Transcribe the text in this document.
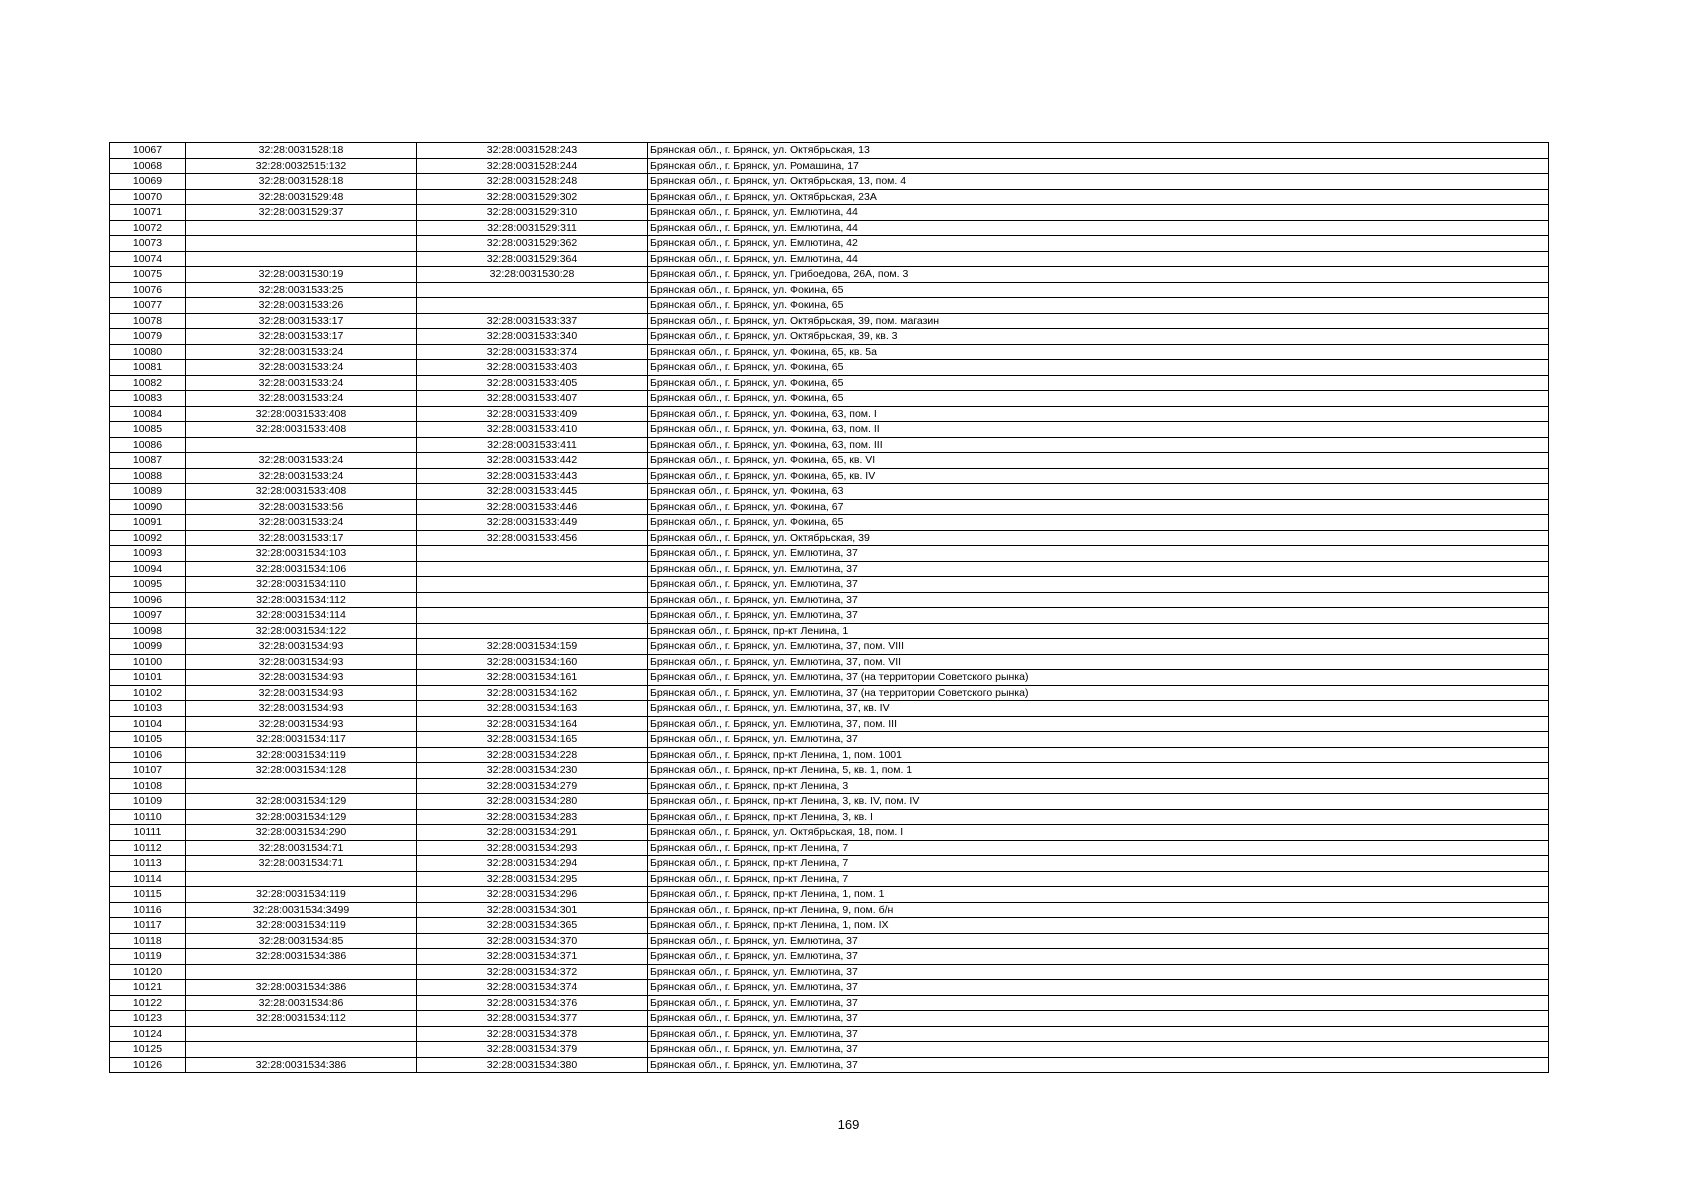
10067	32:28:0031528:18	32:28:0031528:243	Брянская обл., г. Брянск, ул. Октябрьская, 13
10068	32:28:0032515:132	32:28:0031528:244	Брянская обл., г. Брянск, ул. Ромашина, 17
10069	32:28:0031528:18	32:28:0031528:248	Брянская обл., г. Брянск, ул. Октябрьская, 13, пом. 4
10070	32:28:0031529:48	32:28:0031529:302	Брянская обл., г. Брянск, ул. Октябрьская, 23А
10071	32:28:0031529:37	32:28:0031529:310	Брянская обл., г. Брянск, ул. Емлютина, 44
10072		32:28:0031529:311	Брянская обл., г. Брянск, ул. Емлютина, 44
10073		32:28:0031529:362	Брянская обл., г. Брянск, ул. Емлютина, 42
10074		32:28:0031529:364	Брянская обл., г. Брянск, ул. Емлютина, 44
10075	32:28:0031530:19	32:28:0031530:28	Брянская обл., г. Брянск, ул. Грибоедова, 26А, пом. 3
10076	32:28:0031533:25		Брянская обл., г. Брянск, ул. Фокина, 65
10077	32:28:0031533:26		Брянская обл., г. Брянск, ул. Фокина, 65
10078	32:28:0031533:17	32:28:0031533:337	Брянская обл., г. Брянск, ул. Октябрьская, 39, пом. магазин
10079	32:28:0031533:17	32:28:0031533:340	Брянская обл., г. Брянск, ул. Октябрьская, 39, кв. 3
10080	32:28:0031533:24	32:28:0031533:374	Брянская обл., г. Брянск, ул. Фокина, 65, кв. 5а
10081	32:28:0031533:24	32:28:0031533:403	Брянская обл., г. Брянск, ул. Фокина, 65
10082	32:28:0031533:24	32:28:0031533:405	Брянская обл., г. Брянск, ул. Фокина, 65
10083	32:28:0031533:24	32:28:0031533:407	Брянская обл., г. Брянск, ул. Фокина, 65
10084	32:28:0031533:408	32:28:0031533:409	Брянская обл., г. Брянск, ул. Фокина, 63, пом. I
10085	32:28:0031533:408	32:28:0031533:410	Брянская обл., г. Брянск, ул. Фокина, 63, пом. II
10086		32:28:0031533:411	Брянская обл., г. Брянск, ул. Фокина, 63, пом. III
10087	32:28:0031533:24	32:28:0031533:442	Брянская обл., г. Брянск, ул. Фокина, 65, кв. VI
10088	32:28:0031533:24	32:28:0031533:443	Брянская обл., г. Брянск, ул. Фокина, 65, кв. IV
10089	32:28:0031533:408	32:28:0031533:445	Брянская обл., г. Брянск, ул. Фокина, 63
10090	32:28:0031533:56	32:28:0031533:446	Брянская обл., г. Брянск, ул. Фокина, 67
10091	32:28:0031533:24	32:28:0031533:449	Брянская обл., г. Брянск, ул. Фокина, 65
10092	32:28:0031533:17	32:28:0031533:456	Брянская обл., г. Брянск, ул. Октябрьская, 39
10093	32:28:0031534:103		Брянская обл., г. Брянск, ул. Емлютина, 37
10094	32:28:0031534:106		Брянская обл., г. Брянск, ул. Емлютина, 37
10095	32:28:0031534:110		Брянская обл., г. Брянск, ул. Емлютина, 37
10096	32:28:0031534:112		Брянская обл., г. Брянск, ул. Емлютина, 37
10097	32:28:0031534:114		Брянская обл., г. Брянск, ул. Емлютина, 37
10098	32:28:0031534:122		Брянская обл., г. Брянск, пр-кт Ленина, 1
10099	32:28:0031534:93	32:28:0031534:159	Брянская обл., г. Брянск, ул. Емлютина, 37, пом. VIII
10100	32:28:0031534:93	32:28:0031534:160	Брянская обл., г. Брянск, ул. Емлютина, 37, пом. VII
10101	32:28:0031534:93	32:28:0031534:161	Брянская обл., г. Брянск, ул. Емлютина, 37 (на территории Советского рынка)
10102	32:28:0031534:93	32:28:0031534:162	Брянская обл., г. Брянск, ул. Емлютина, 37 (на территории Советского рынка)
10103	32:28:0031534:93	32:28:0031534:163	Брянская обл., г. Брянск, ул. Емлютина, 37, кв. IV
10104	32:28:0031534:93	32:28:0031534:164	Брянская обл., г. Брянск, ул. Емлютина, 37, пом. III
10105	32:28:0031534:117	32:28:0031534:165	Брянская обл., г. Брянск, ул. Емлютина, 37
10106	32:28:0031534:119	32:28:0031534:228	Брянская обл., г. Брянск, пр-кт Ленина, 1, пом. 1001
10107	32:28:0031534:128	32:28:0031534:230	Брянская обл., г. Брянск, пр-кт Ленина, 5, кв. 1, пом. 1
10108		32:28:0031534:279	Брянская обл., г. Брянск, пр-кт Ленина, 3
10109	32:28:0031534:129	32:28:0031534:280	Брянская обл., г. Брянск, пр-кт Ленина, 3, кв. IV, пом. IV
10110	32:28:0031534:129	32:28:0031534:283	Брянская обл., г. Брянск, пр-кт Ленина, 3, кв. I
10111	32:28:0031534:290	32:28:0031534:291	Брянская обл., г. Брянск, ул. Октябрьская, 18, пом. I
10112	32:28:0031534:71	32:28:0031534:293	Брянская обл., г. Брянск, пр-кт Ленина, 7
10113	32:28:0031534:71	32:28:0031534:294	Брянская обл., г. Брянск, пр-кт Ленина, 7
10114		32:28:0031534:295	Брянская обл., г. Брянск, пр-кт Ленина, 7
10115	32:28:0031534:119	32:28:0031534:296	Брянская обл., г. Брянск, пр-кт Ленина, 1, пом. 1
10116	32:28:0031534:3499	32:28:0031534:301	Брянская обл., г. Брянск, пр-кт Ленина, 9, пом. б/н
10117	32:28:0031534:119	32:28:0031534:365	Брянская обл., г. Брянск, пр-кт Ленина, 1, пом. IX
10118	32:28:0031534:85	32:28:0031534:370	Брянская обл., г. Брянск, ул. Емлютина, 37
10119	32:28:0031534:386	32:28:0031534:371	Брянская обл., г. Брянск, ул. Емлютина, 37
10120		32:28:0031534:372	Брянская обл., г. Брянск, ул. Емлютина, 37
10121	32:28:0031534:386	32:28:0031534:374	Брянская обл., г. Брянск, ул. Емлютина, 37
10122	32:28:0031534:86	32:28:0031534:376	Брянская обл., г. Брянск, ул. Емлютина, 37
10123	32:28:0031534:112	32:28:0031534:377	Брянская обл., г. Брянск, ул. Емлютина, 37
10124		32:28:0031534:378	Брянская обл., г. Брянск, ул. Емлютина, 37
10125		32:28:0031534:379	Брянская обл., г. Брянск, ул. Емлютина, 37
10126	32:28:0031534:386	32:28:0031534:380	Брянская обл., г. Брянск, ул. Емлютина, 37
169
